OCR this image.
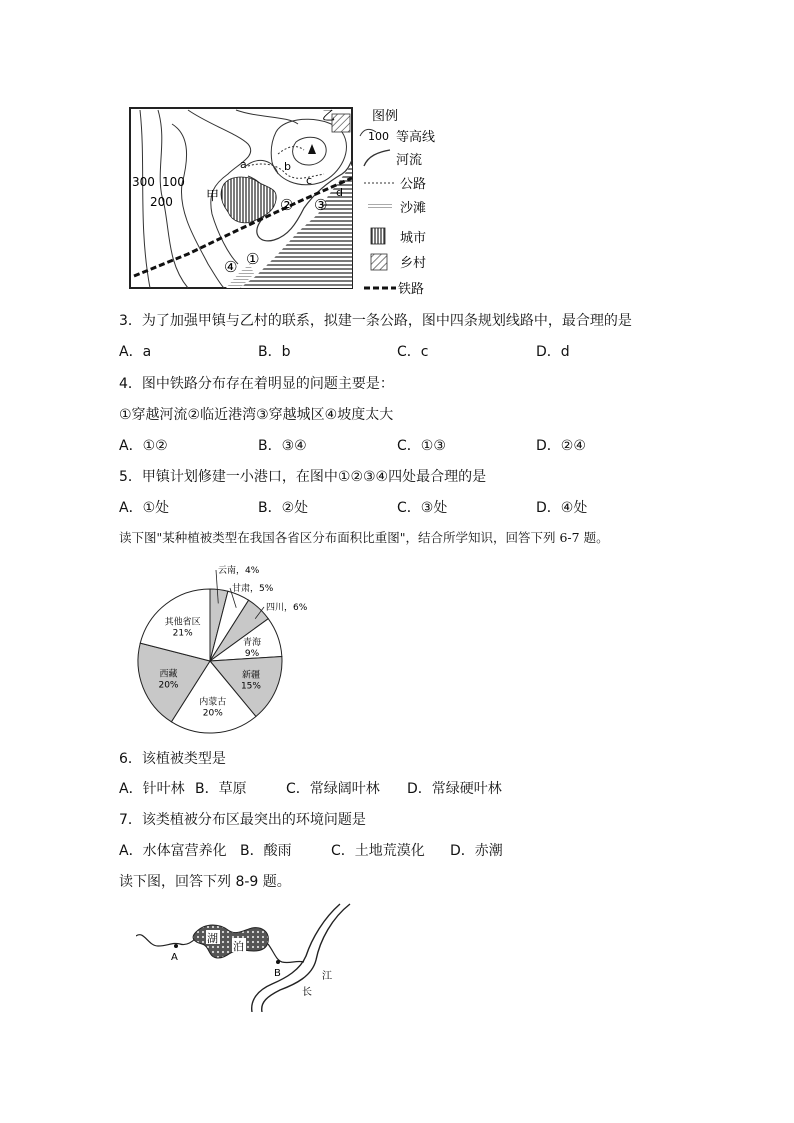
300 100
200	甲
乙
a	b
c
d
①
② ③
④
图例
100 等高线
河流
公路
沙滩
城市
乡村
铁路
3．为了加强甲镇与乙村的联系，拟建一条公路，图中四条规划线路中，最合理的是
A．a	B．b	C．c	D．d
4．图中铁路分布存在着明显的问题主要是：
①穿越河流②临近港湾③穿越城区④坡度太大
A．①②	B．③④	C．①③	D．②④
5．甲镇计划修建一小港口，在图中①②③④四处最合理的是
A．①处	B．②处	C．③处	D．④处
读下图"某种植被类型在我国各省区分布面积比重图"，结合所学知识，回答下列 6-7 题。
云南，4%
甘肃，5%
四川，6%
青海
9%
新疆
15%
内蒙古
20%
西藏
20%
其他省区
21%
6．该植被类型是
A．针叶林 B．草原	C．常绿阔叶林 D．常绿硬叶林
7．该类植被分布区最突出的环境问题是
A．水体富营养化 B．酸雨	C．土地荒漠化 D．赤潮
读下图，回答下列 8-9 题。
湖
泊
A
B	江
长
